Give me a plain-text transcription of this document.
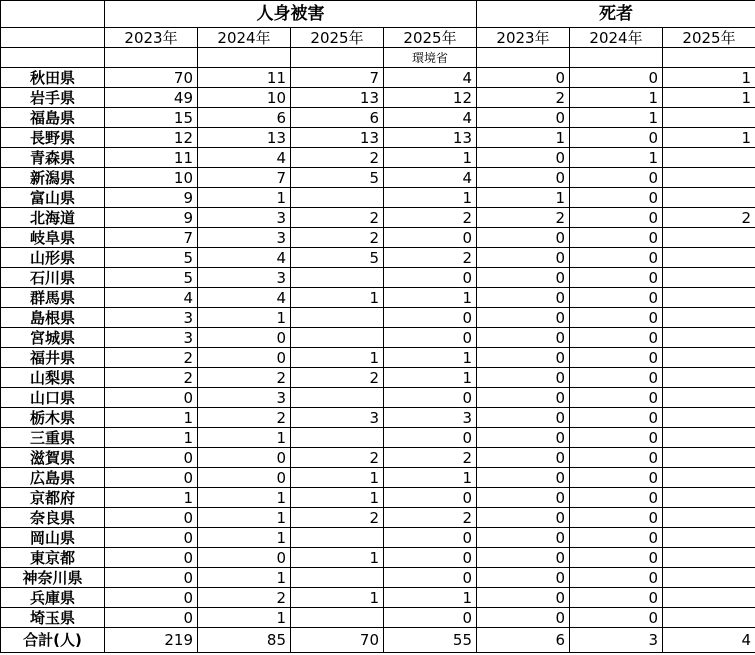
	人身被害				死者		
	2023年	2024年	2025年	2025年	2023年	2024年	2025年
				環境省			
秋田県	70	11	7	4	0	0	1
岩手県	49	10	13	12	2	1	1
福島県	15	6	6	4	0	1	
長野県	12	13	13	13	1	0	1
青森県	11	4	2	1	0	1	
新潟県	10	7	5	4	0	0	
富山県	9	1		1	1	0	
北海道	9	3	2	2	2	0	2
岐阜県	7	3	2	0	0	0	
山形県	5	4	5	2	0	0	
石川県	5	3		0	0	0	
群馬県	4	4	1	1	0	0	
島根県	3	1		0	0	0	
宮城県	3	0		0	0	0	
福井県	2	0	1	1	0	0	
山梨県	2	2	2	1	0	0	
山口県	0	3		0	0	0	
栃木県	1	2	3	3	0	0	
三重県	1	1		0	0	0	
滋賀県	0	0	2	2	0	0	
広島県	0	0	1	1	0	0	
京都府	1	1	1	0	0	0	
奈良県	0	1	2	2	0	0	
岡山県	0	1		0	0	0	
東京都	0	0	1	0	0	0	
神奈川県	0	1		0	0	0	
兵庫県	0	2	1	1	0	0	
埼玉県	0	1		0	0	0	
合計(人)	219	85	70	55	6	3	4
